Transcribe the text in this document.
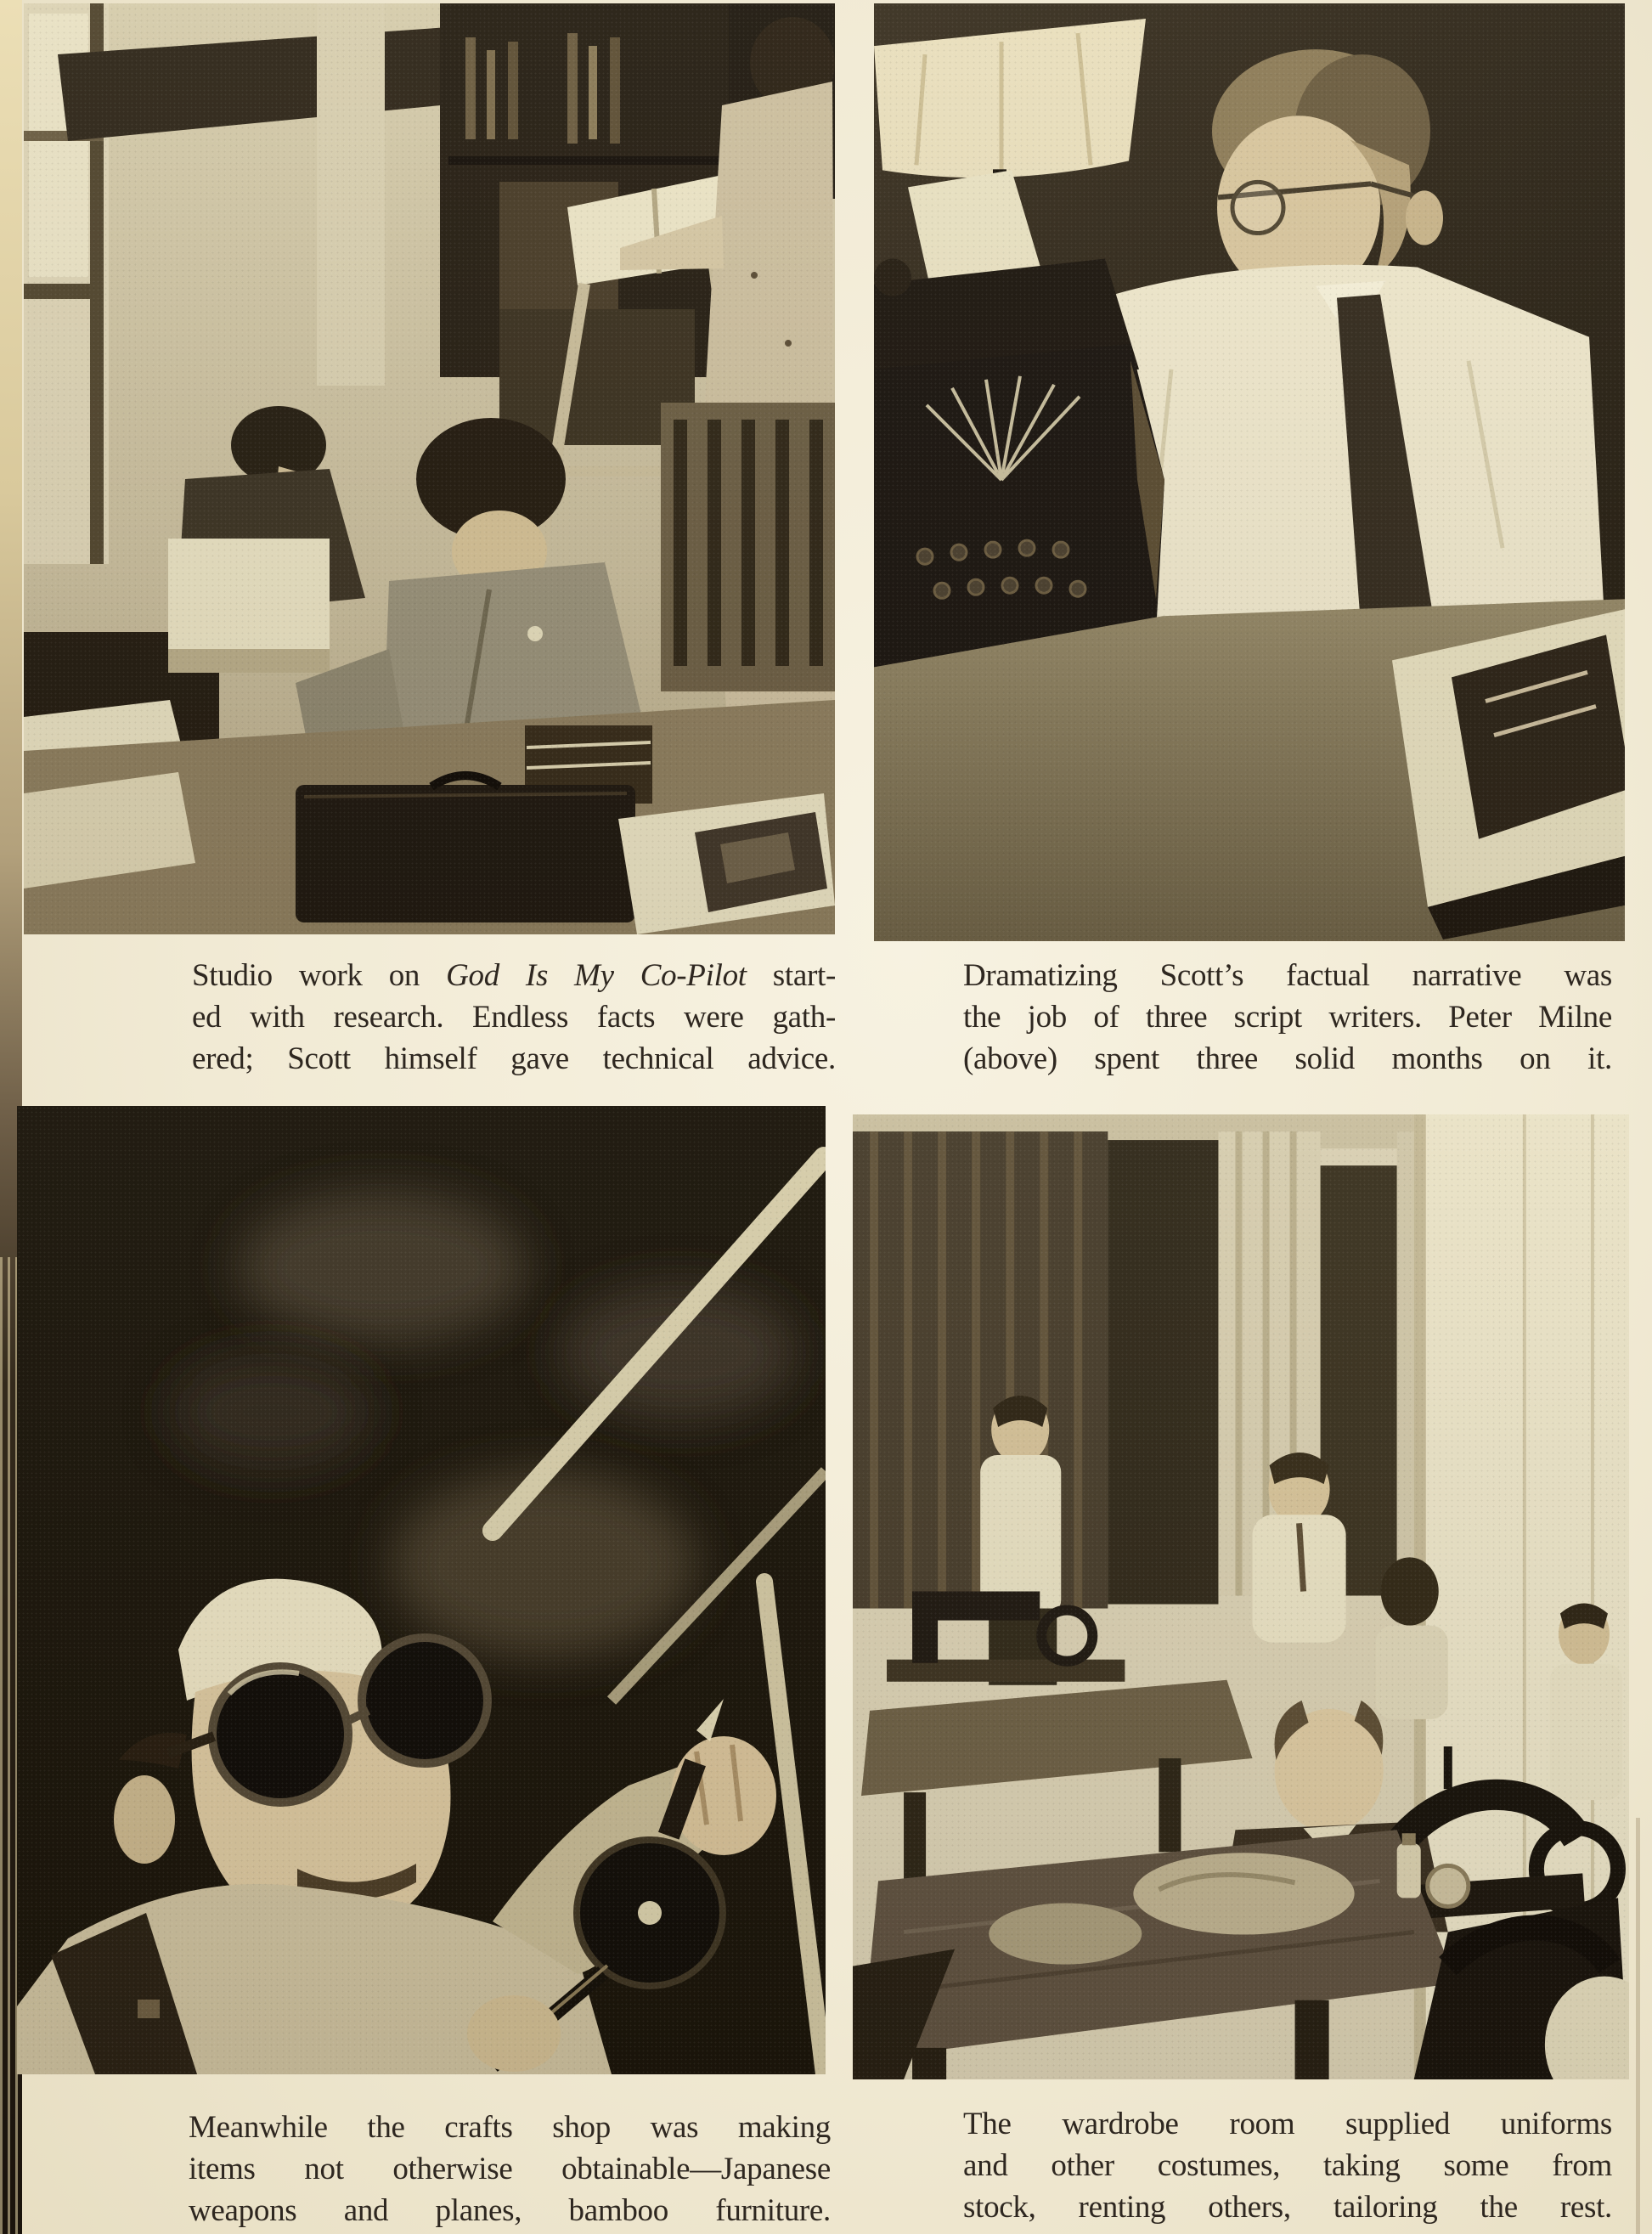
Studio work on God Is My Co-Pilot start-
ed with research. Endless facts were gath-
ered; Scott himself gave technical advice.
Dramatizing Scott’s factual narrative was
the job of three script writers. Peter Milne
(above) spent three solid months on it.
Meanwhile the crafts shop was making
items not otherwise obtainable—Japanese
weapons and planes, bamboo furniture.
The wardrobe room supplied uniforms
and other costumes, taking some from
stock, renting others, tailoring the rest.
